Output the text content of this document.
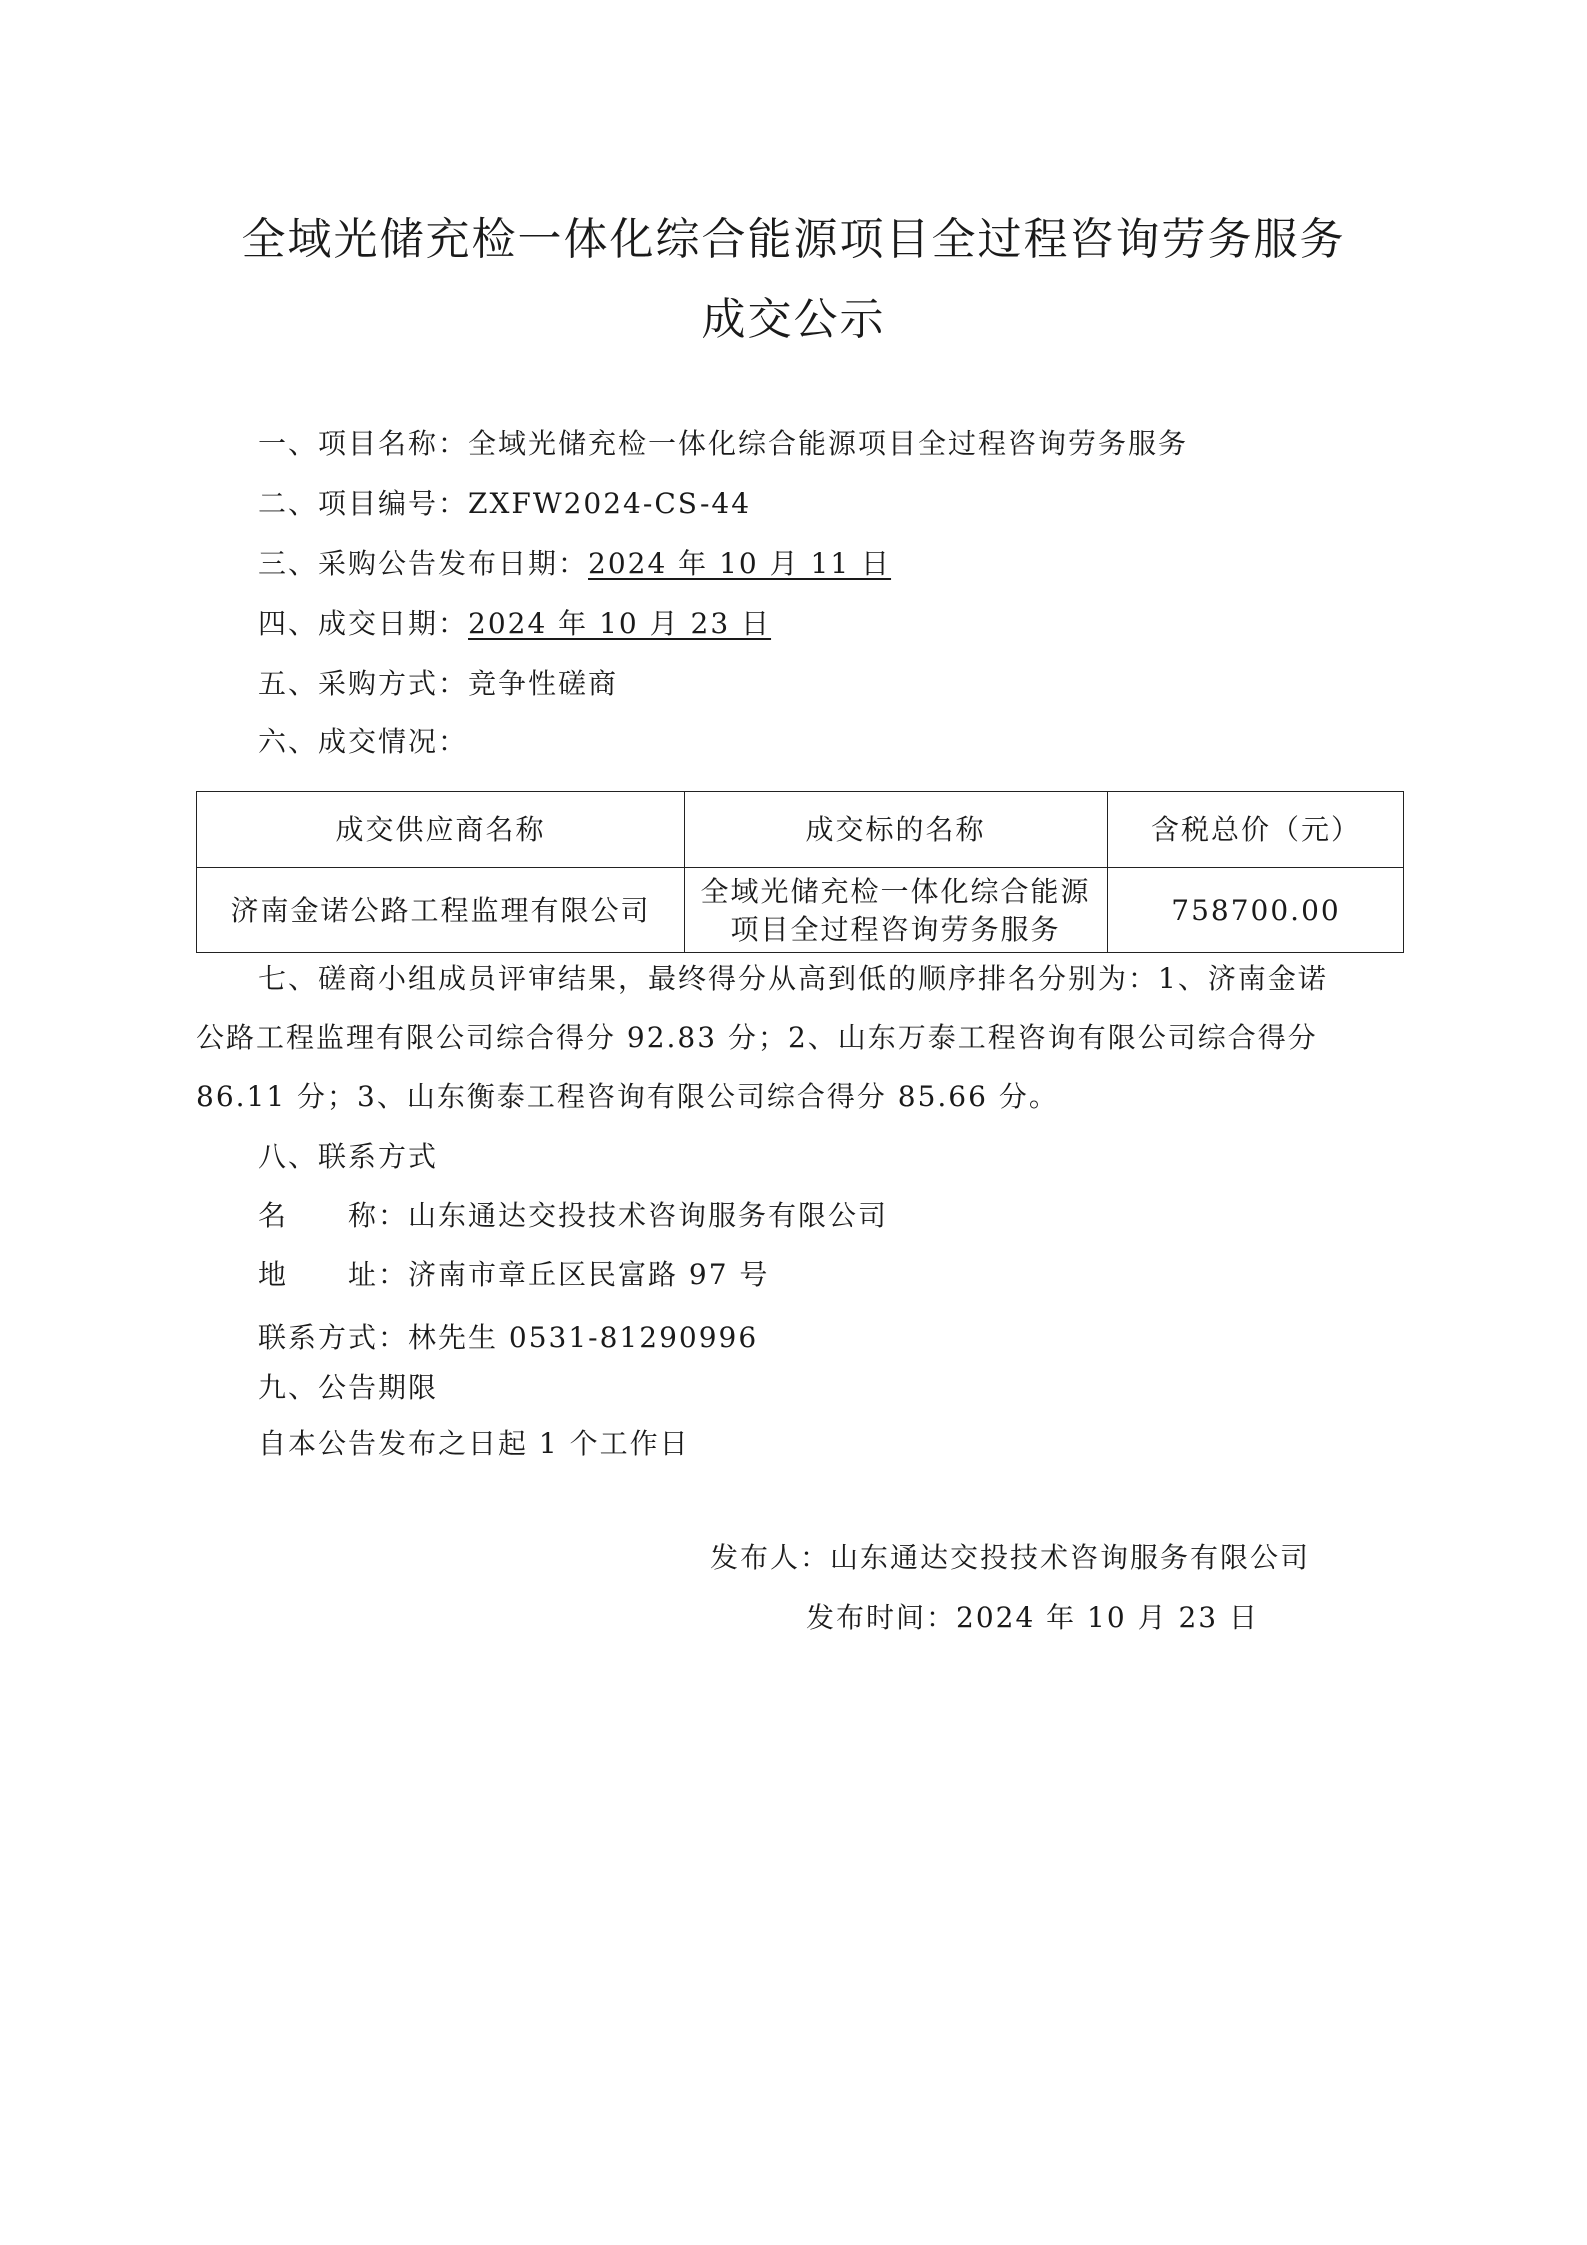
全域光储充检一体化综合能源项目全过程咨询劳务服务
成交公示
一、项目名称：全域光储充检一体化综合能源项目全过程咨询劳务服务
二、项目编号：ZXFW2024-CS-44
三、采购公告发布日期：2024 年 10 月 11 日
四、成交日期：2024 年 10 月 23 日
五、采购方式：竞争性磋商
六、成交情况：
成交供应商名称	成交标的名称	含税总价（元）
济南金诺公路工程监理有限公司
全域光储充检一体化综合能源项目全过程咨询劳务服务
758700.00
七、磋商小组成员评审结果，最终得分从高到低的顺序排名分别为：1、济南金诺
公路工程监理有限公司综合得分 92.83 分；2、山东万泰工程咨询有限公司综合得分
86.11 分；3、山东衡泰工程咨询有限公司综合得分 85.66 分。
八、联系方式
名　　称：山东通达交投技术咨询服务有限公司
地　　址：济南市章丘区民富路 97 号
联系方式：林先生 0531-81290996
九、公告期限
自本公告发布之日起 1 个工作日
发布人：山东通达交投技术咨询服务有限公司
发布时间：2024 年 10 月 23 日
